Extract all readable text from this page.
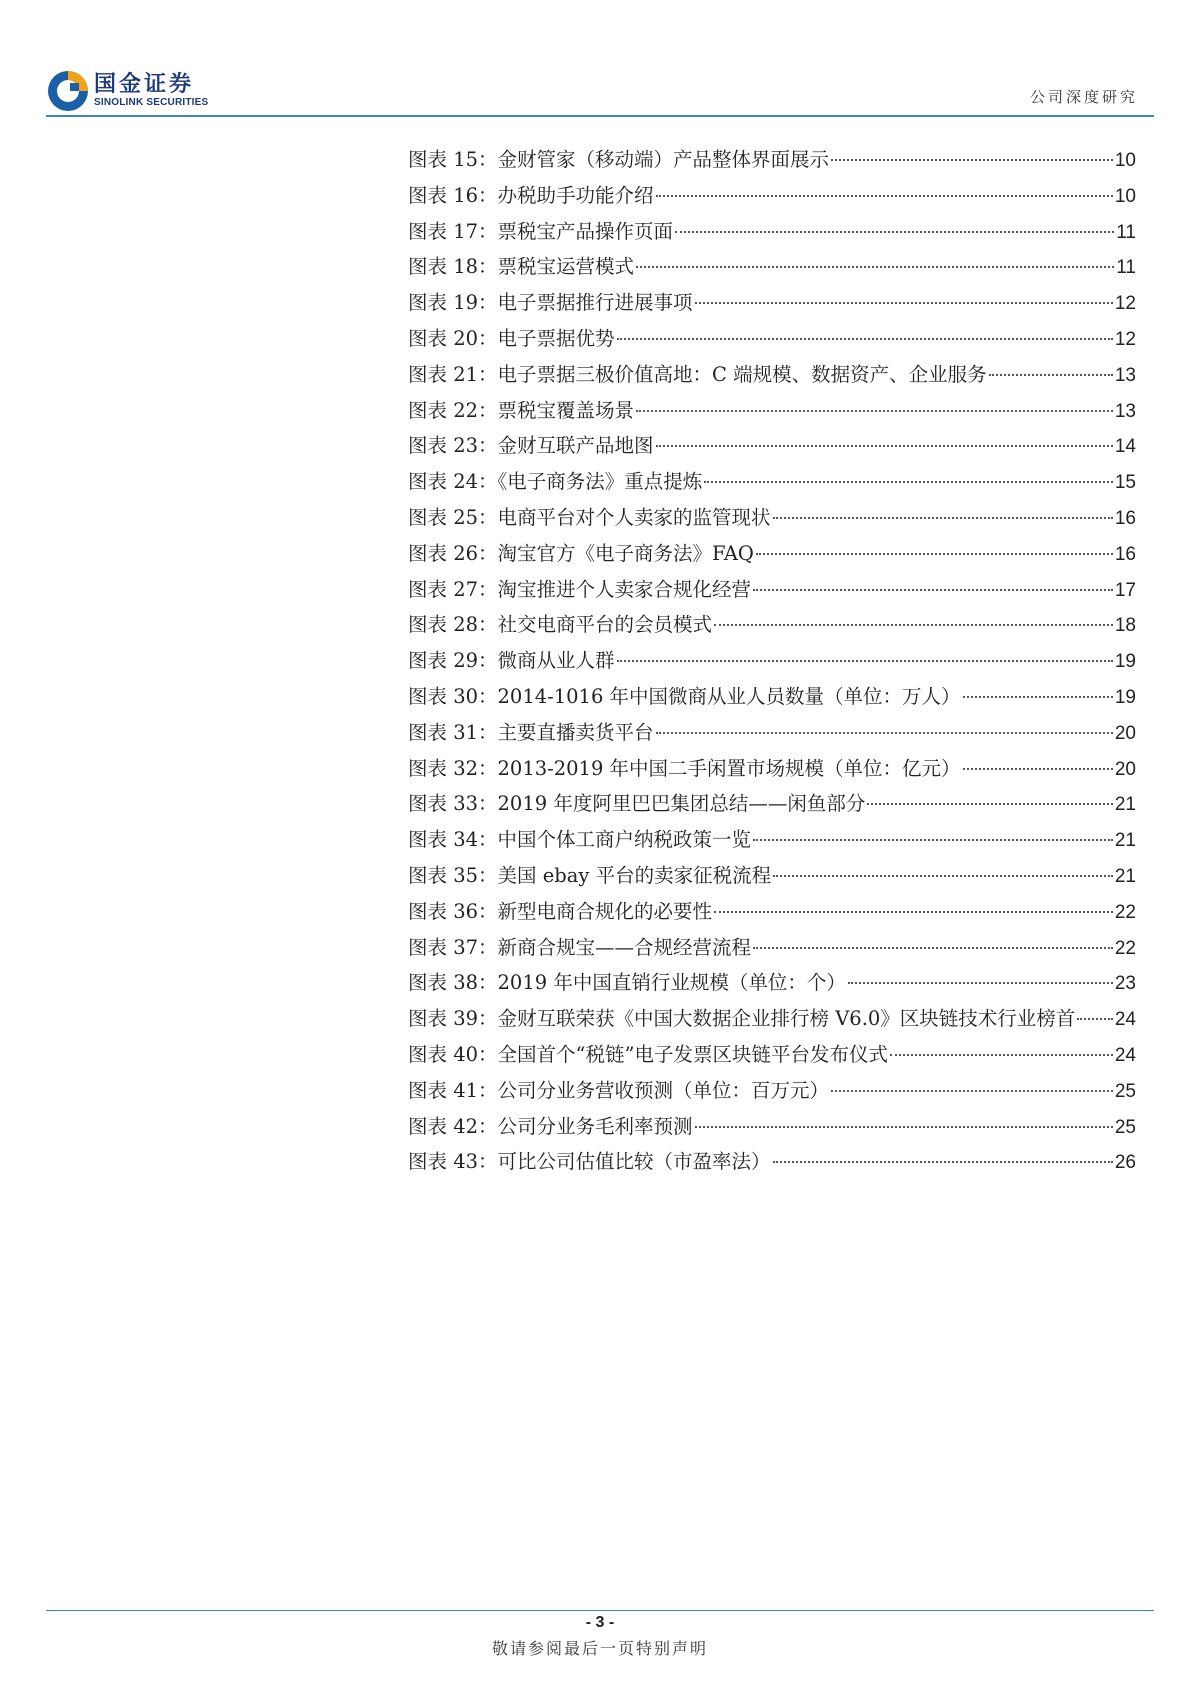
国金证券
SINOLINK SECURITIES	公司深度研究
图表 15：金财管家（移动端）产品整体界面展示	10
图表 16：办税助手功能介绍	10
图表 17：票税宝产品操作页面	11
图表 18：票税宝运营模式	11
图表 19：电子票据推行进展事项	12
图表 20：电子票据优势	12
图表 21：电子票据三极价值高地：C 端规模、数据资产、企业服务	13
图表 22：票税宝覆盖场景	13
图表 23：金财互联产品地图	14
图表 24：《电子商务法》重点提炼	15
图表 25：电商平台对个人卖家的监管现状	16
图表 26：淘宝官方《电子商务法》FAQ	16
图表 27：淘宝推进个人卖家合规化经营	17
图表 28：社交电商平台的会员模式	18
图表 29：微商从业人群	19
图表 30：2014-1016 年中国微商从业人员数量（单位：万人）	19
图表 31：主要直播卖货平台	20
图表 32：2013-2019 年中国二手闲置市场规模（单位：亿元）	20
图表 33：2019 年度阿里巴巴集团总结——闲鱼部分	21
图表 34：中国个体工商户纳税政策一览	21
图表 35：美国 ebay 平台的卖家征税流程	21
图表 36：新型电商合规化的必要性	22
图表 37：新商合规宝——合规经营流程	22
图表 38：2019 年中国直销行业规模（单位：个）	23
图表 39：金财互联荣获《中国大数据企业排行榜 V6.0》区块链技术行业榜首 24
图表 40：全国首个“税链”电子发票区块链平台发布仪式	24
图表 41：公司分业务营收预测（单位：百万元）	25
图表 42：公司分业务毛利率预测	25
图表 43：可比公司估值比较（市盈率法）	26
- 3 -
敬请参阅最后一页特别声明
